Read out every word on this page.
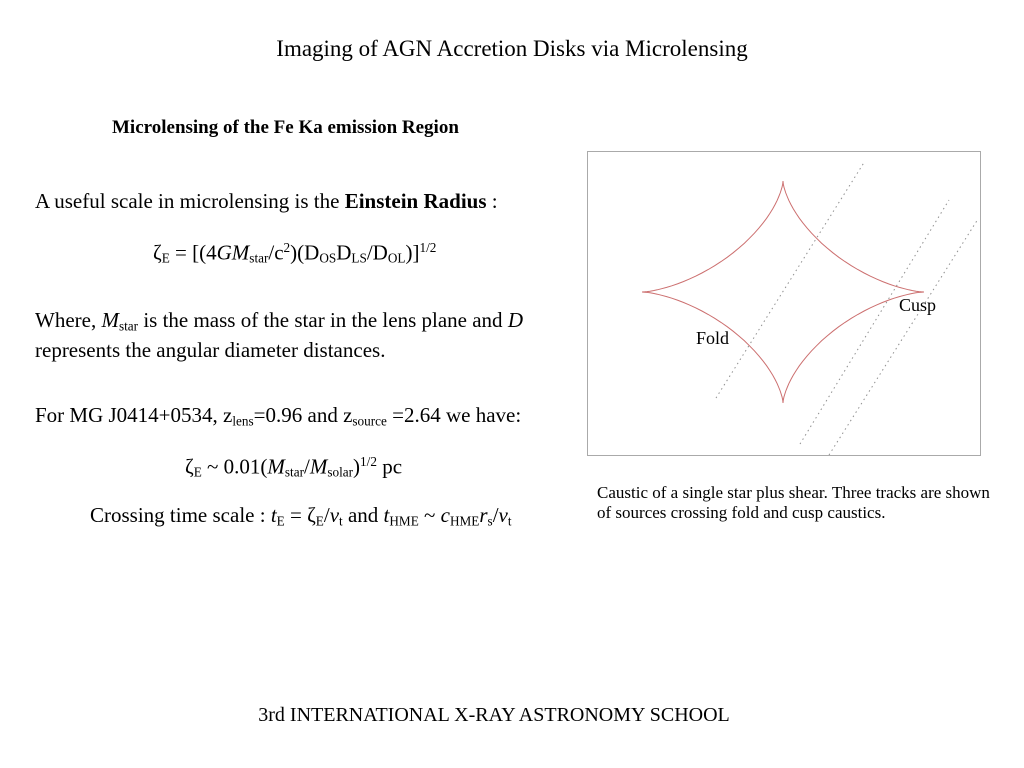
Imaging of AGN Accretion Disks via Microlensing
Microlensing of the Fe Ka emission Region
A useful scale in microlensing is the Einstein Radius :
$\zeta_E = [(4GM_{star}/c^2)(D_{OS}D_{LS}/D_{OL})]^{1/2}$
Where, $M_{star}$ is the mass of the star in the lens plane and D represents the angular diameter distances.
For MG J0414+0534, $z_{lens}=0.96$ and $z_{source} =2.64$ we have:
$\zeta_E$ ~ $0.01(M_{star}/M_{solar})^{1/2}$ pc
Crossing time scale : $t_E = \zeta_E/v_t$ and $t_{HME}$ ~ $c_{HME}r_s/v_t$
Fold
Cusp
Caustic of a single star plus shear. Three tracks are shown
of sources crossing fold and cusp caustics.
3rd INTERNATIONAL X-RAY ASTRONOMY SCHOOL
